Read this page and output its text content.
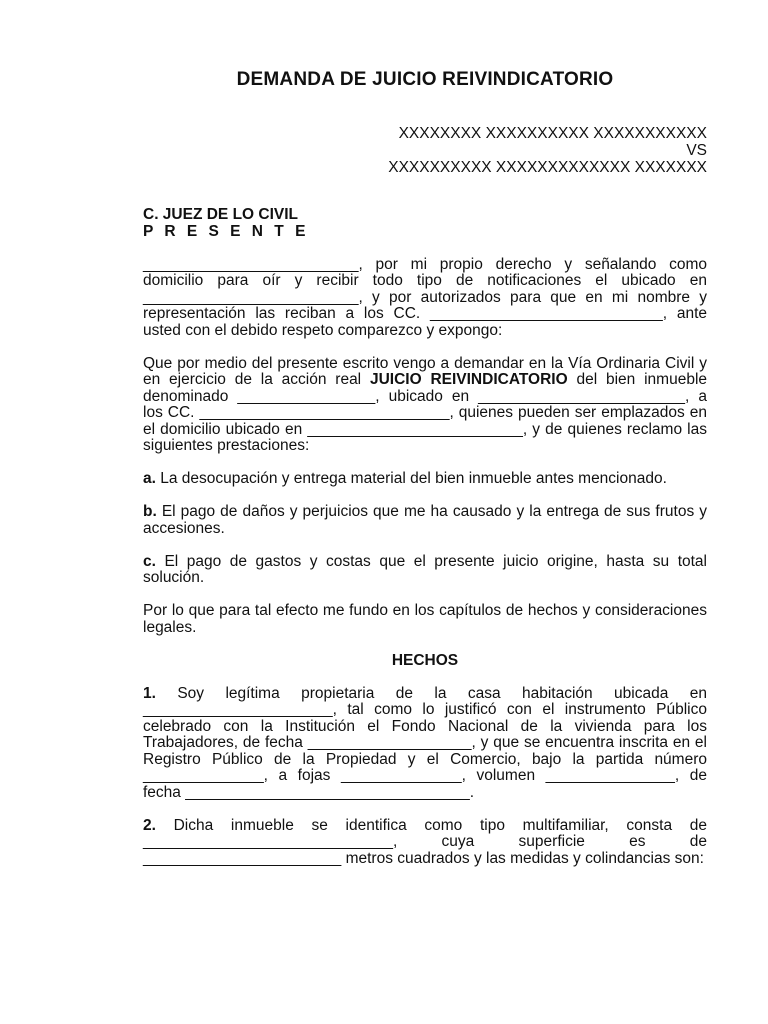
DEMANDA DE JUICIO REIVINDICATORIO
XXXXXXXX XXXXXXXXXX XXXXXXXXXXX
VS
XXXXXXXXXX XXXXXXXXXXXXX XXXXXXX
C. JUEZ DE LO CIVIL
P R E S E N T E

_________________________, por mi propio derecho y señalando como domicilio para oír y recibir todo tipo de notificaciones el ubicado en _________________________, y por autorizados para que en mi nombre y representación las reciban a los CC. ___________________________, ante usted con el debido respeto comparezco y expongo:

Que por medio del presente escrito vengo a demandar en la Vía Ordinaria Civil y en ejercicio de la acción real JUICIO REIVINDICATORIO del bien inmueble denominado ________________, ubicado en ________________________, a los CC. _____________________________, quienes pueden ser emplazados en el domicilio ubicado en _________________________, y de quienes reclamo las siguientes prestaciones:

a. La desocupación y entrega material del bien inmueble antes mencionado.

b. El pago de daños y perjuicios que me ha causado y la entrega de sus frutos y accesiones.

c. El pago de gastos y costas que el presente juicio origine, hasta su total solución.

Por lo que para tal efecto me fundo en los capítulos de hechos y consideraciones legales.

HECHOS

1. Soy legítima propietaria de la casa habitación ubicada en ______________________, tal como lo justificó con el instrumento Público celebrado con la Institución el Fondo Nacional de la vivienda para los Trabajadores, de fecha ___________________, y que se encuentra inscrita en el Registro Público de la Propiedad y el Comercio, bajo la partida número ______________, a fojas ______________, volumen _______________, de fecha _________________________________.

2. Dicha inmueble se identifica como tipo multifamiliar, consta de _____________________________, cuya superficie es de _______________________ metros cuadrados y las medidas y colindancias son:
